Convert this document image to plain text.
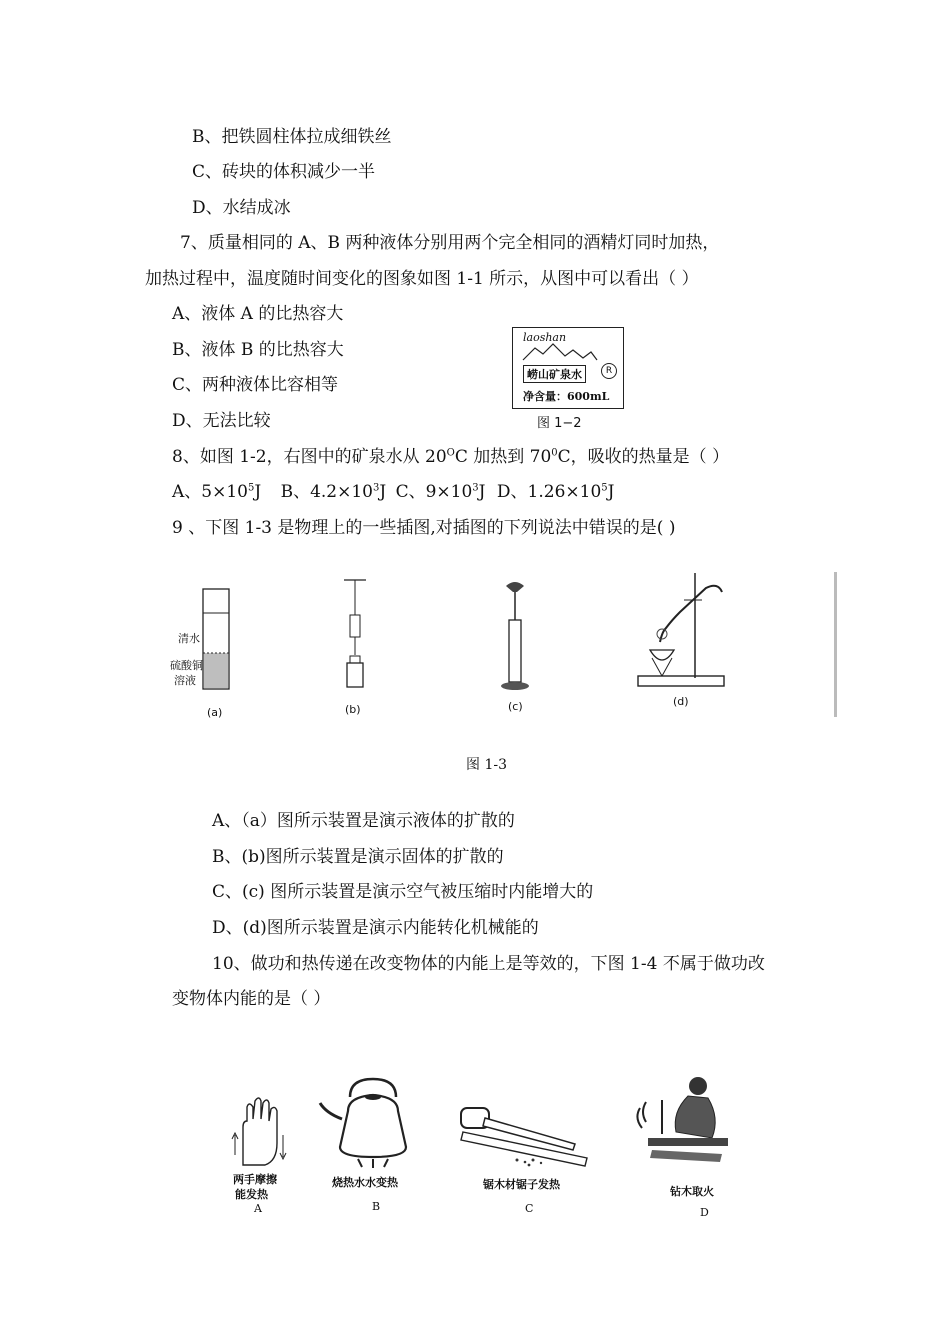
B、把铁圆柱体拉成细铁丝
C、砖块的体积减少一半
D、水结成冰
7、质量相同的 A、B 两种液体分别用两个完全相同的酒精灯同时加热，
加热过程中，温度随时间变化的图象如图 1-1 所示，从图中可以看出（ ）
A、液体 A 的比热容大
B、液体 B 的比热容大
C、两种液体比容相等
D、无法比较
laoshan
崂山矿泉水	R
净含量：600mL
图 1−2
8、如图 1-2，右图中的矿泉水从 $20^OC$ 加热到 $70^0C$，吸收的热量是（ ）
A、$5\times 10^5J$ B、$4.2\times 10^3J$ C、$9\times 10^3J$ D、$1.26\times 10^5J$
9 、下图 1-3 是物理上的一些插图,对插图的下列说法中错误的是( )
清水
硫酸铜
溶液
(a)	(b)	(c)	(d)
图 1-3
A、（a）图所示装置是演示液体的扩散的
B、(b)图所示装置是演示固体的扩散的
C、(c) 图所示装置是演示空气被压缩时内能增大的
D、(d)图所示装置是演示内能转化机械能的
10、做功和热传递在改变物体的内能上是等效的，下图 1-4 不属于做功改
变物体内能的是（ ）
两手摩擦
能发热
A
烧热水水变热
B
锯木材锯子发热
C
钻木取火
D
